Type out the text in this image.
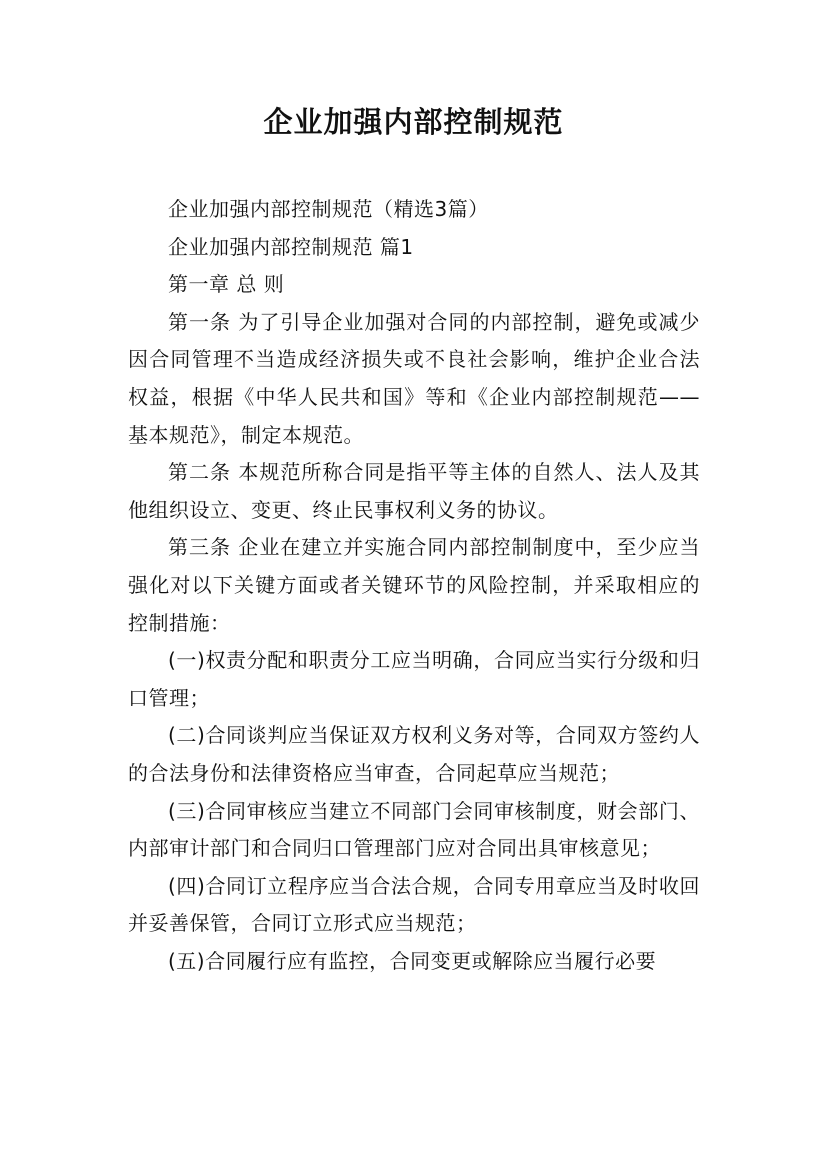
企业加强内部控制规范

企业加强内部控制规范（精选3篇）

企业加强内部控制规范 篇1

第一章 总 则

第一条 为了引导企业加强对合同的内部控制，避免或减少因合同管理不当造成经济损失或不良社会影响，维护企业合法权益，根据《中华人民共和国》等和《企业内部控制规范——基本规范》，制定本规范。

第二条 本规范所称合同是指平等主体的自然人、法人及其他组织设立、变更、终止民事权利义务的协议。

第三条 企业在建立并实施合同内部控制制度中，至少应当强化对以下关键方面或者关键环节的风险控制，并采取相应的控制措施：

(一)权责分配和职责分工应当明确，合同应当实行分级和归口管理；

(二)合同谈判应当保证双方权利义务对等，合同双方签约人的合法身份和法律资格应当审查，合同起草应当规范；

(三)合同审核应当建立不同部门会同审核制度，财会部门、内部审计部门和合同归口管理部门应对合同出具审核意见；

(四)合同订立程序应当合法合规，合同专用章应当及时收回并妥善保管，合同订立形式应当规范；

(五)合同履行应有监控，合同变更或解除应当履行必要
